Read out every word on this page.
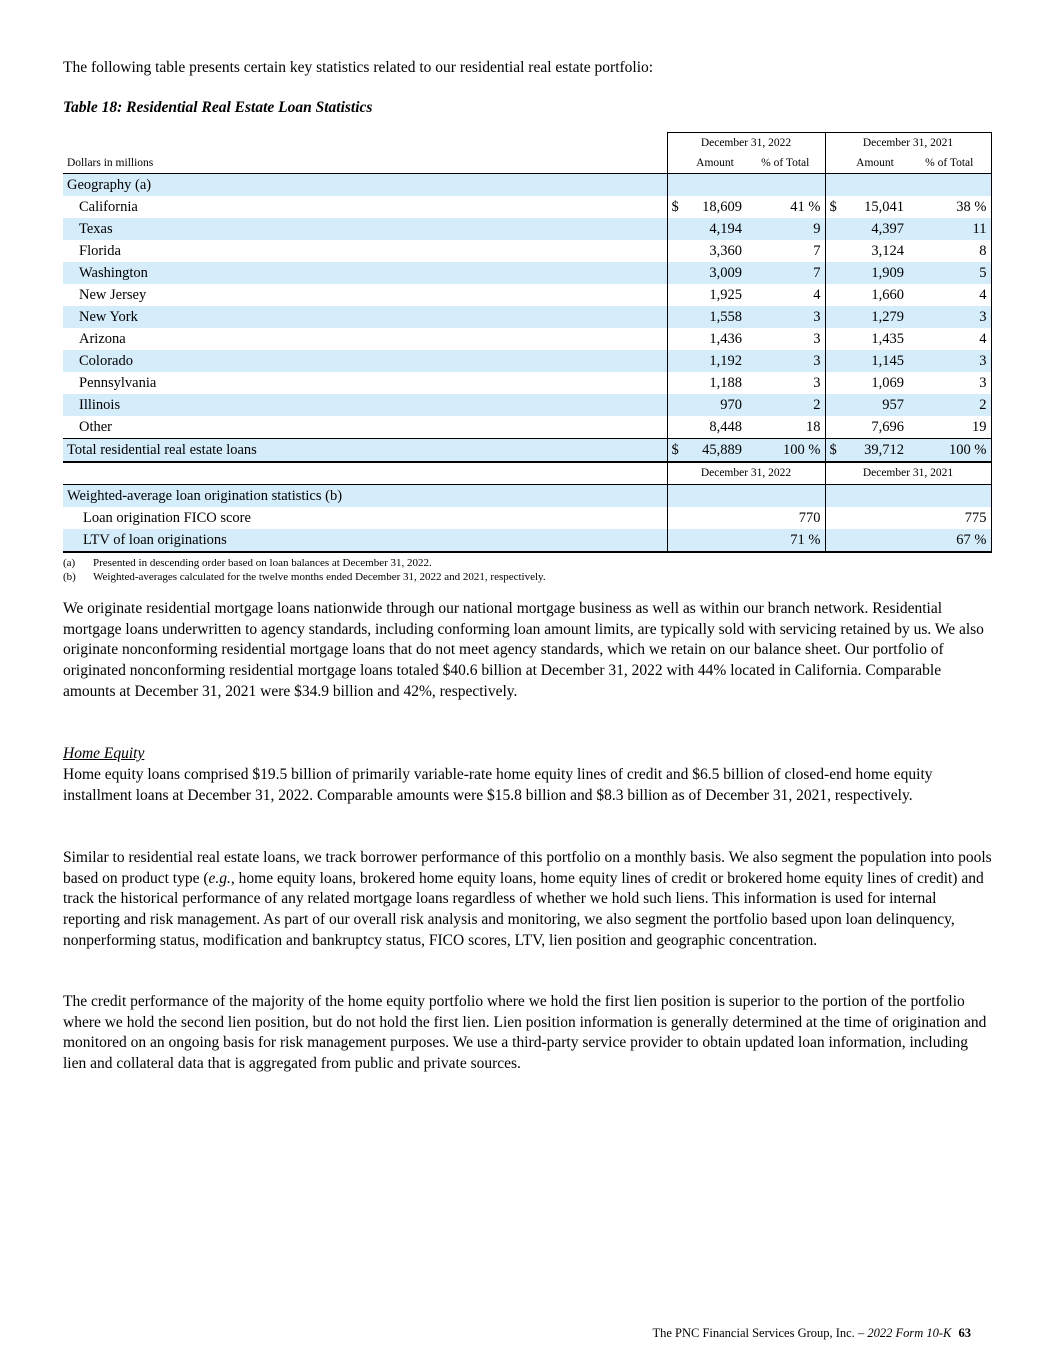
The following table presents certain key statistics related to our residential real estate portfolio:

Table 18: Residential Real Estate Loan Statistics

	December 31, 2022			December 31, 2021		
Dollars in millions		Amount	% of Total		Amount	% of Total
Geography (a)						
California	$	18,609	41 %	$	15,041	38 %
Texas		4,194	9		4,397	11
Florida		3,360	7		3,124	8
Washington		3,009	7		1,909	5
New Jersey		1,925	4		1,660	4
New York		1,558	3		1,279	3
Arizona		1,436	3		1,435	4
Colorado		1,192	3		1,145	3
Pennsylvania		1,188	3		1,069	3
Illinois		970	2		957	2
Other		8,448	18		7,696	19
Total residential real estate loans	$	45,889	100 %	$	39,712	100 %
	December 31, 2022			December 31, 2021		
Weighted-average loan origination statistics (b)						
Loan origination FICO score	770			775		
LTV of loan originations	71 %			67 %		
(a)	Presented in descending order based on loan balances at December 31, 2022.
(b)	Weighted-averages calculated for the twelve months ended December 31, 2022 and 2021, respectively.

We originate residential mortgage loans nationwide through our national mortgage business as well as within our branch network. Residential mortgage loans underwritten to agency standards, including conforming loan amount limits, are typically sold with servicing retained by us. We also originate nonconforming residential mortgage loans that do not meet agency standards, which we retain on our balance sheet. Our portfolio of originated nonconforming residential mortgage loans totaled $40.6 billion at December 31, 2022 with 44% located in California. Comparable amounts at December 31, 2021 were $34.9 billion and 42%, respectively.

Home Equity

Home equity loans comprised $19.5 billion of primarily variable-rate home equity lines of credit and $6.5 billion of closed-end home equity installment loans at December 31, 2022. Comparable amounts were $15.8 billion and $8.3 billion as of December 31, 2021, respectively.

Similar to residential real estate loans, we track borrower performance of this portfolio on a monthly basis. We also segment the population into pools based on product type (e.g., home equity loans, brokered home equity loans, home equity lines of credit or brokered home equity lines of credit) and track the historical performance of any related mortgage loans regardless of whether we hold such liens. This information is used for internal reporting and risk management. As part of our overall risk analysis and monitoring, we also segment the portfolio based upon loan delinquency, nonperforming status, modification and bankruptcy status, FICO scores, LTV, lien position and geographic concentration.

The credit performance of the majority of the home equity portfolio where we hold the first lien position is superior to the portion of the portfolio where we hold the second lien position, but do not hold the first lien. Lien position information is generally determined at the time of origination and monitored on an ongoing basis for risk management purposes. We use a third-party service provider to obtain updated loan information, including lien and collateral data that is aggregated from public and private sources.

The PNC Financial Services Group, Inc. – 2022 Form 10-K 63
